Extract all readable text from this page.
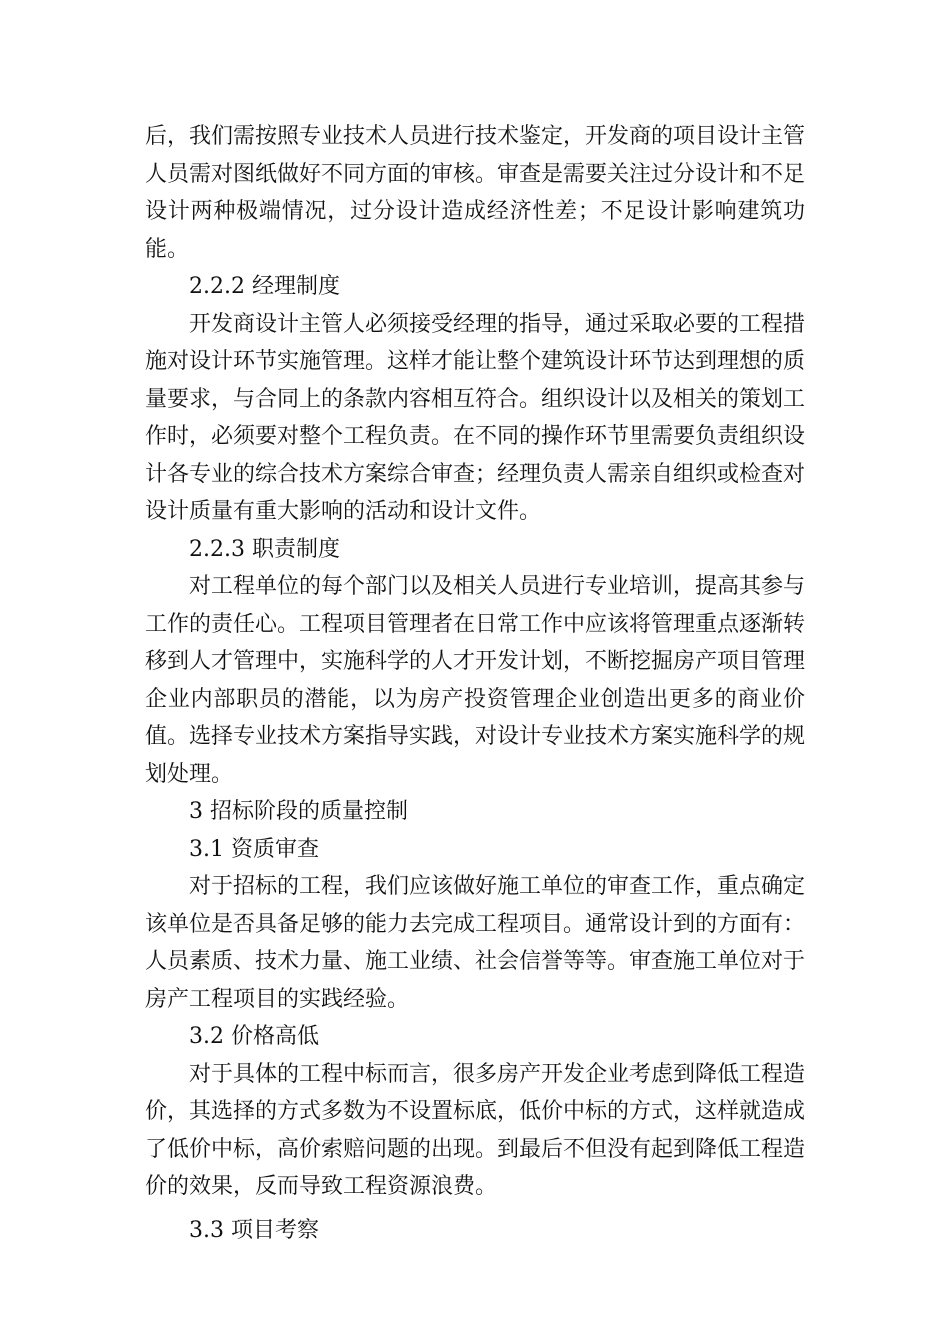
后，我们需按照专业技术人员进行技术鉴定，开发商的项目设计主管人员需对图纸做好不同方面的审核。审查是需要关注过分设计和不足设计两种极端情况，过分设计造成经济性差；不足设计影响建筑功能。

2.2.2 经理制度

开发商设计主管人必须接受经理的指导，通过采取必要的工程措施对设计环节实施管理。这样才能让整个建筑设计环节达到理想的质量要求，与合同上的条款内容相互符合。组织设计以及相关的策划工作时，必须要对整个工程负责。在不同的操作环节里需要负责组织设计各专业的综合技术方案综合审查；经理负责人需亲自组织或检查对设计质量有重大影响的活动和设计文件。

2.2.3 职责制度

对工程单位的每个部门以及相关人员进行专业培训，提高其参与工作的责任心。工程项目管理者在日常工作中应该将管理重点逐渐转移到人才管理中，实施科学的人才开发计划，不断挖掘房产项目管理企业内部职员的潜能，以为房产投资管理企业创造出更多的商业价值。选择专业技术方案指导实践，对设计专业技术方案实施科学的规划处理。

3 招标阶段的质量控制

3.1 资质审查

对于招标的工程，我们应该做好施工单位的审查工作，重点确定该单位是否具备足够的能力去完成工程项目。通常设计到的方面有：人员素质、技术力量、施工业绩、社会信誉等等。审查施工单位对于房产工程项目的实践经验。

3.2 价格高低

对于具体的工程中标而言，很多房产开发企业考虑到降低工程造价，其选择的方式多数为不设置标底，低价中标的方式，这样就造成了低价中标，高价索赔问题的出现。到最后不但没有起到降低工程造价的效果，反而导致工程资源浪费。

3.3 项目考察
